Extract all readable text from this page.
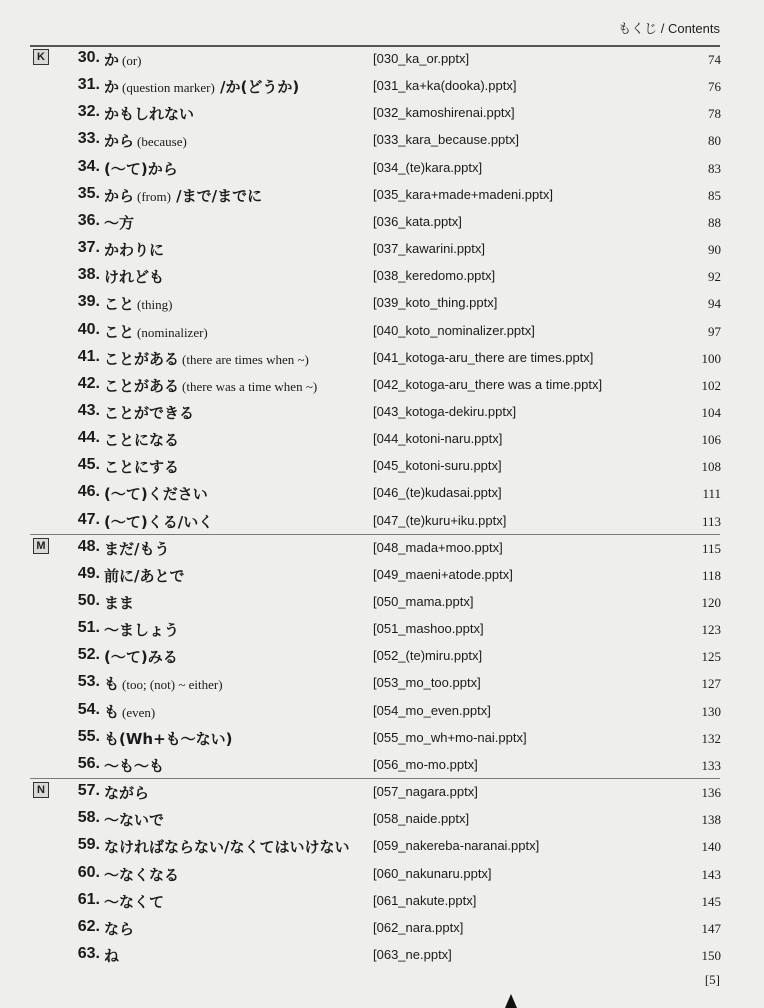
もくじ / Contents
K	30. か (or)	[030_ka_or.pptx]	74
31. か (question marker) /か(どうか)	[031_ka+ka(dooka).pptx]	76
32. かもしれない	[032_kamoshirenai.pptx]	78
33. から (because)	[033_kara_because.pptx]	80
34. (〜て)から	[034_(te)kara.pptx]	83
35. から (from) /まで/までに	[035_kara+made+madeni.pptx]	85
36. 〜方	[036_kata.pptx]	88
37. かわりに	[037_kawarini.pptx]	90
38. けれども	[038_keredomo.pptx]	92
39. こと (thing)	[039_koto_thing.pptx]	94
40. こと (nominalizer)	[040_koto_nominalizer.pptx]	97
41. ことがある (there are times when ~)	[041_kotoga-aru_there are times.pptx]	100
42. ことがある (there was a time when ~)	[042_kotoga-aru_there was a time.pptx]	102
43. ことができる	[043_kotoga-dekiru.pptx]	104
44. ことになる	[044_kotoni-naru.pptx]	106
45. ことにする	[045_kotoni-suru.pptx]	108
46. (〜て)ください	[046_(te)kudasai.pptx]	111
47. (〜て)くる/いく	[047_(te)kuru+iku.pptx]	113
M	48. まだ/もう	[048_mada+moo.pptx]	115
49. 前に/あとで	[049_maeni+atode.pptx]	118
50. まま	[050_mama.pptx]	120
51. 〜ましょう	[051_mashoo.pptx]	123
52. (〜て)みる	[052_(te)miru.pptx]	125
53. も (too; (not) ~ either)	[053_mo_too.pptx]	127
54. も (even)	[054_mo_even.pptx]	130
55. も(Wh+も〜ない)	[055_mo_wh+mo-nai.pptx]	132
56. 〜も〜も	[056_mo-mo.pptx]	133
N	57. ながら	[057_nagara.pptx]	136
58. 〜ないで	[058_naide.pptx]	138
59. なければならない/なくてはいけない [059_nakereba-naranai.pptx]	140
60. 〜なくなる	[060_nakunaru.pptx]	143
61. 〜なくて	[061_nakute.pptx]	145
62. なら	[062_nara.pptx]	147
63. ね	[063_ne.pptx]	150
[5]
